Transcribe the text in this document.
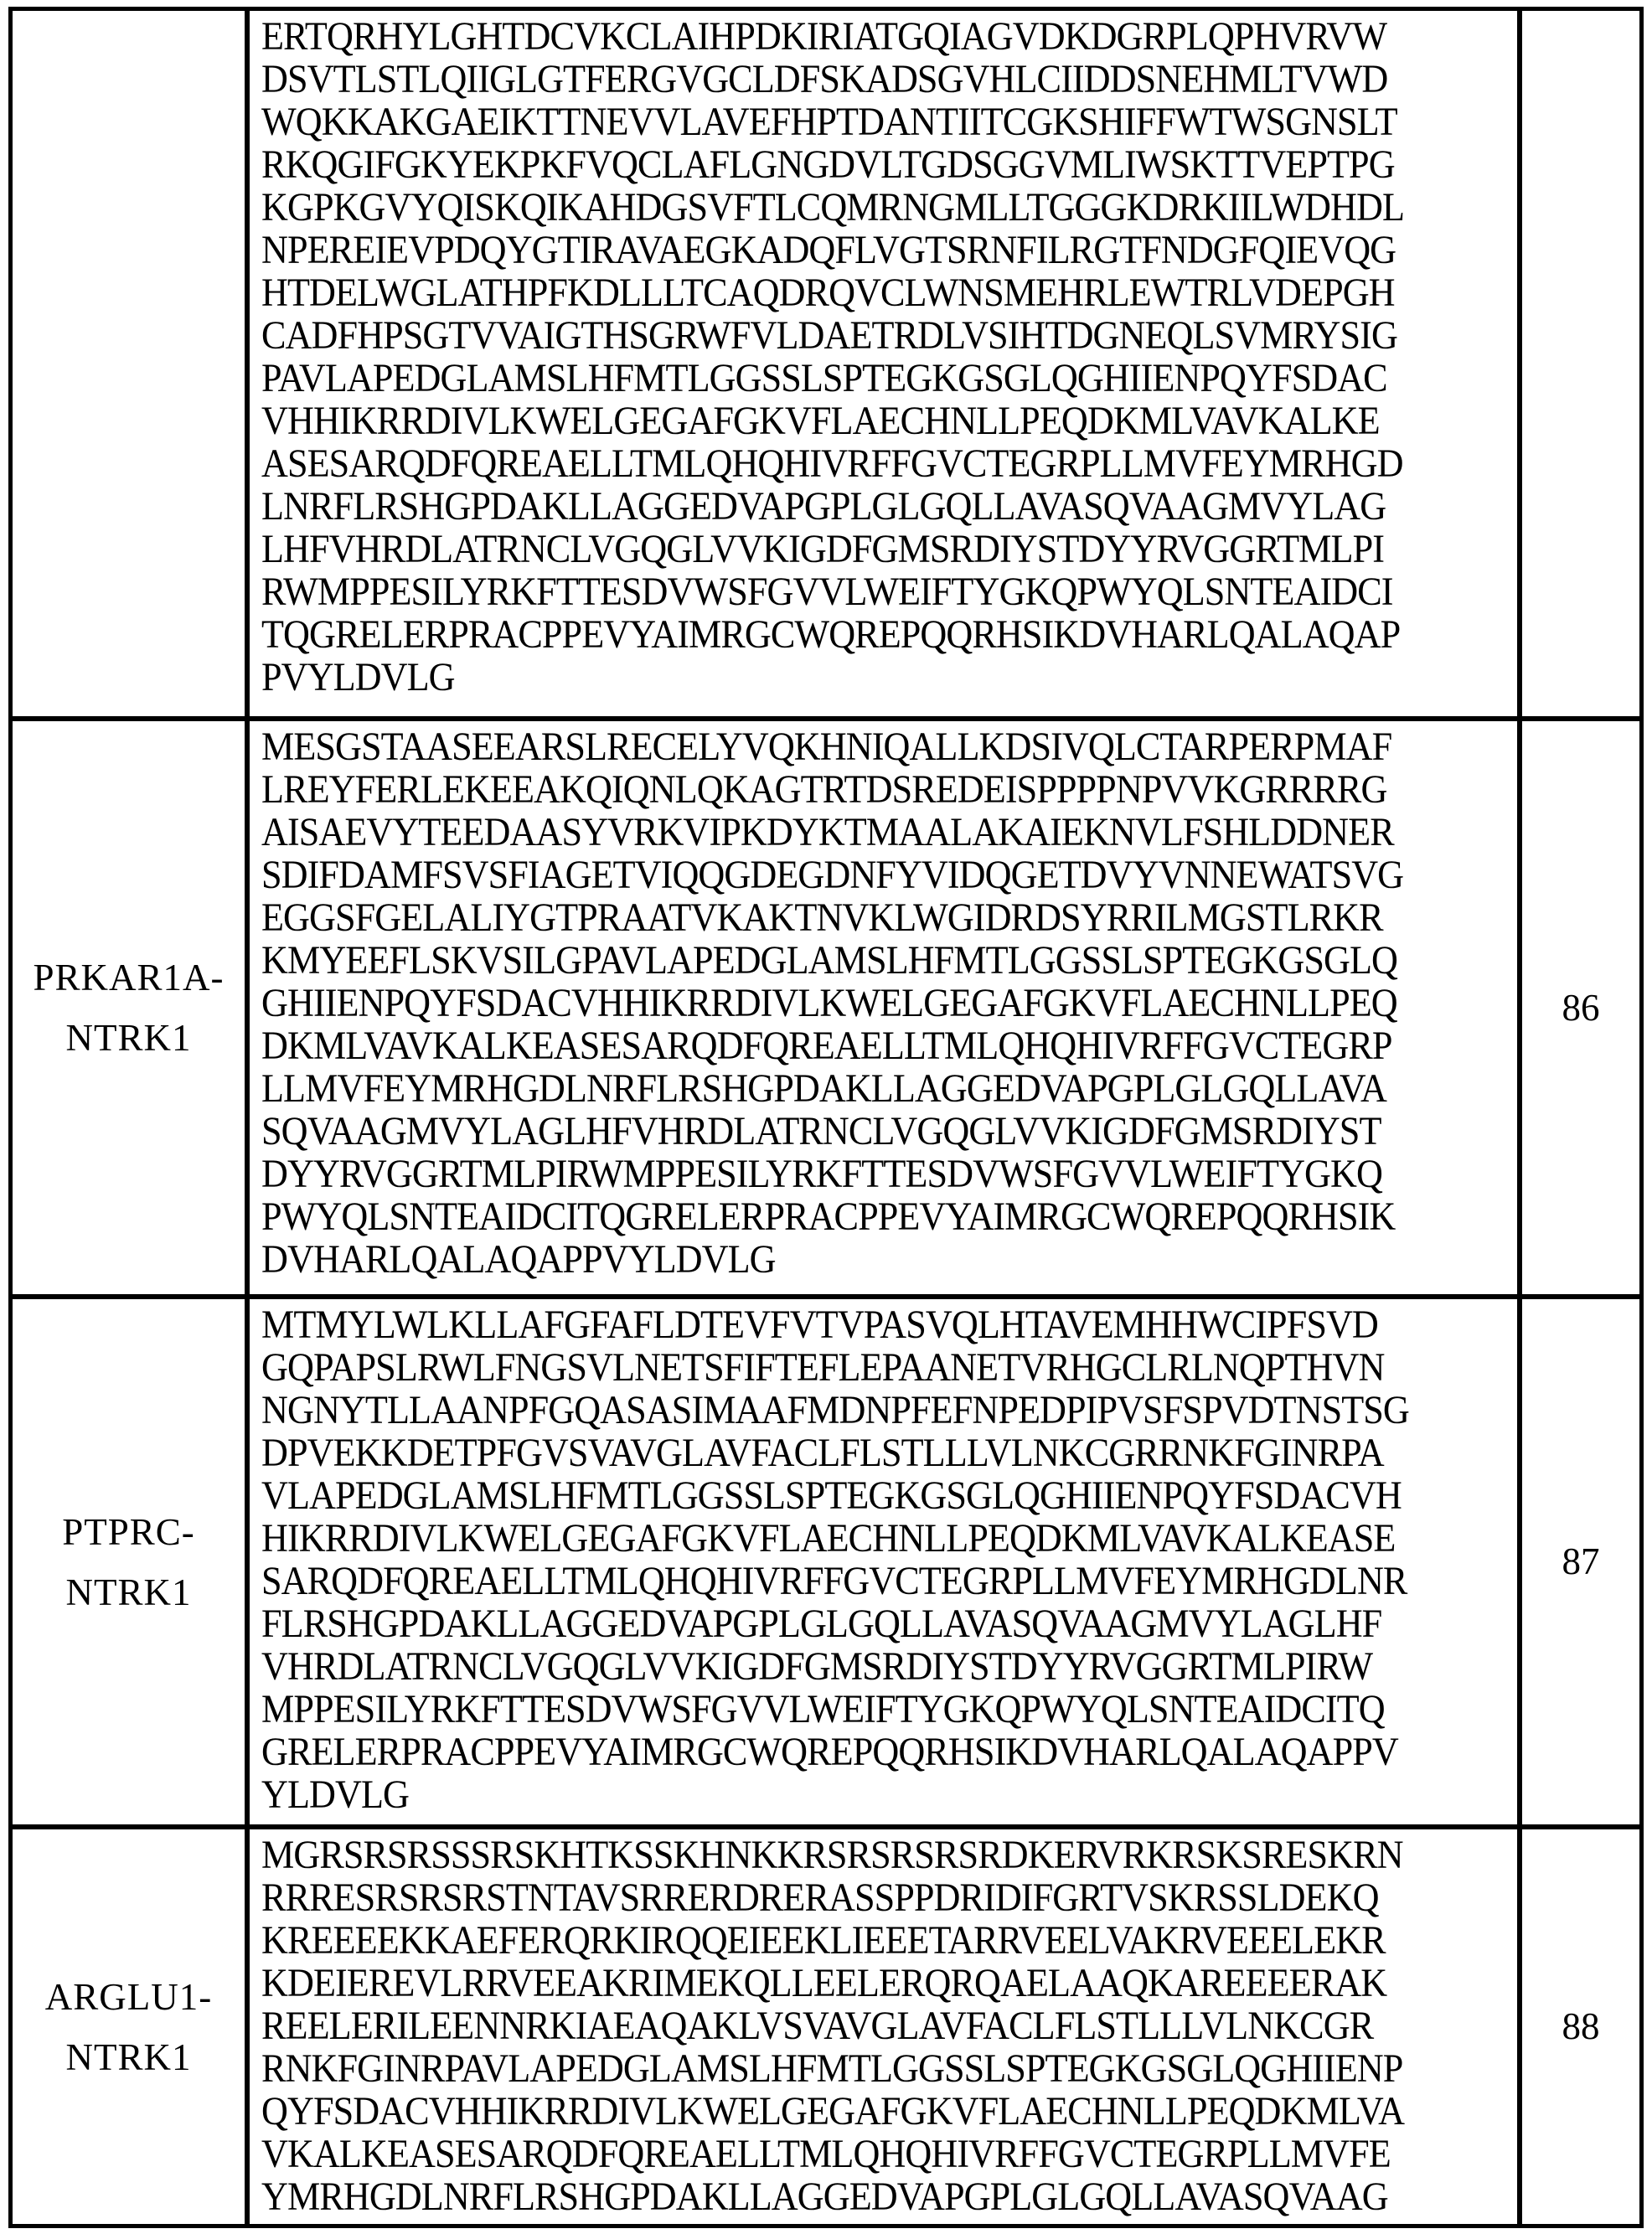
ERTQRHYLGHTDCVKCLAIHPDKIRIATGQIAGVDKDGRPLQPHVRVW
DSVTLSTLQIIGLGTFERGVGCLDFSKADSGVHLCIIDDSNEHMLTVWD
WQKKAKGAEIKTTNEVVLAVEFHPTDANTIITCGKSHIFFWTWSGNSLT
RKQGIFGKYEKPKFVQCLAFLGNGDVLTGDSGGVMLIWSKTTVEPTPG
KGPKGVYQISKQIKAHDGSVFTLCQMRNGMLLTGGGKDRKIILWDHDL
NPEREIEVPDQYGTIRAVAEGKADQFLVGTSRNFILRGTFNDGFQIEVQG
HTDELWGLATHPFKDLLLTCAQDRQVCLWNSMEHRLEWTRLVDEPGH
CADFHPSGTVVAIGTHSGRWFVLDAETRDLVSIHTDGNEQLSVMRYSIG
PAVLAPEDGLAMSLHFMTLGGSSLSPTEGKGSGLQGHIIENPQYFSDAC
VHHIKRRDIVLKWELGEGAFGKVFLAECHNLLPEQDKMLVAVKALKE
ASESARQDFQREAELLTMLQHQHIVRFFGVCTEGRPLLMVFEYMRHGD
LNRFLRSHGPDAKLLAGGEDVAPGPLGLGQLLAVASQVAAGMVYLAG
LHFVHRDLATRNCLVGQGLVVKIGDFGMSRDIYSTDYYRVGGRTMLPI
RWMPPESILYRKFTTESDVWSFGVVLWEIFTYGKQPWYQLSNTEAIDCI
TQGRELERPRACPPEVYAIMRGCWQREPQQRHSIKDVHARLQALAQAP
PVYLDVLG
PRKAR1A-
NTRK1
MESGSTAASEEARSLRECELYVQKHNIQALLKDSIVQLCTARPERPMAF
LREYFERLEKEEAKQIQNLQKAGTRTDSREDEISPPPPNPVVKGRRRRG
AISAEVYTEEDAASYVRKVIPKDYKTMAALAKAIEKNVLFSHLDDNER
SDIFDAMFSVSFIAGETVIQQGDEGDNFYVIDQGETDVYVNNEWATSVG
EGGSFGELALIYGTPRAATVKAKTNVKLWGIDRDSYRRILMGSTLRKR
KMYEEFLSKVSILGPAVLAPEDGLAMSLHFMTLGGSSLSPTEGKGSGLQ
GHIIENPQYFSDACVHHIKRRDIVLKWELGEGAFGKVFLAECHNLLPEQ
DKMLVAVKALKEASESARQDFQREAELLTMLQHQHIVRFFGVCTEGRP
LLMVFEYMRHGDLNRFLRSHGPDAKLLAGGEDVAPGPLGLGQLLAVA
SQVAAGMVYLAGLHFVHRDLATRNCLVGQGLVVKIGDFGMSRDIYST
DYYRVGGRTMLPIRWMPPESILYRKFTTESDVWSFGVVLWEIFTYGKQ
PWYQLSNTEAIDCITQGRELERPRACPPEVYAIMRGCWQREPQQRHSIK
DVHARLQALAQAPPVYLDVLG
86
PTPRC-
NTRK1
MTMYLWLKLLAFGFAFLDTEVFVTVPASVQLHTAVEMHHWCIPFSVD
GQPAPSLRWLFNGSVLNETSFIFTEFLEPAANETVRHGCLRLNQPTHVN
NGNYTLLAANPFGQASASIMAAFMDNPFEFNPEDPIPVSFSPVDTNSTSG
DPVEKKDETPFGVSVAVGLAVFACLFLSTLLLVLNKCGRRNKFGINRPA
VLAPEDGLAMSLHFMTLGGSSLSPTEGKGSGLQGHIIENPQYFSDACVH
HIKRRDIVLKWELGEGAFGKVFLAECHNLLPEQDKMLVAVKALKEASE
SARQDFQREAELLTMLQHQHIVRFFGVCTEGRPLLMVFEYMRHGDLNR
FLRSHGPDAKLLAGGEDVAPGPLGLGQLLAVASQVAAGMVYLAGLHF
VHRDLATRNCLVGQGLVVKIGDFGMSRDIYSTDYYRVGGRTMLPIRW
MPPESILYRKFTTESDVWSFGVVLWEIFTYGKQPWYQLSNTEAIDCITQ
GRELERPRACPPEVYAIMRGCWQREPQQRHSIKDVHARLQALAQAPPV
YLDVLG
87
ARGLU1-
NTRK1
MGRSRSRSSSRSKHTKSSKHNKKRSRSRSRSRDKERVRKRSKSRESKRN
RRRESRSRSRSTNTAVSRRERDRERASSPPDRIDIFGRTVSKRSSLDEKQ
KREEEEKKAEFERQRKIRQQEIEEKLIEEETARRVEELVAKRVEEELEKR
KDEIEREVLRRVEEAKRIMEKQLLEELERQRQAELAAQKAREEEERAK
REELERILEENNRKIAEAQAKLVSVAVGLAVFACLFLSTLLLVLNKCGR
RNKFGINRPAVLAPEDGLAMSLHFMTLGGSSLSPTEGKGSGLQGHIIENP
QYFSDACVHHIKRRDIVLKWELGEGAFGKVFLAECHNLLPEQDKMLVA
VKALKEASESARQDFQREAELLTMLQHQHIVRFFGVCTEGRPLLMVFE
YMRHGDLNRFLRSHGPDAKLLAGGEDVAPGPLGLGQLLAVASQVAAG
88
